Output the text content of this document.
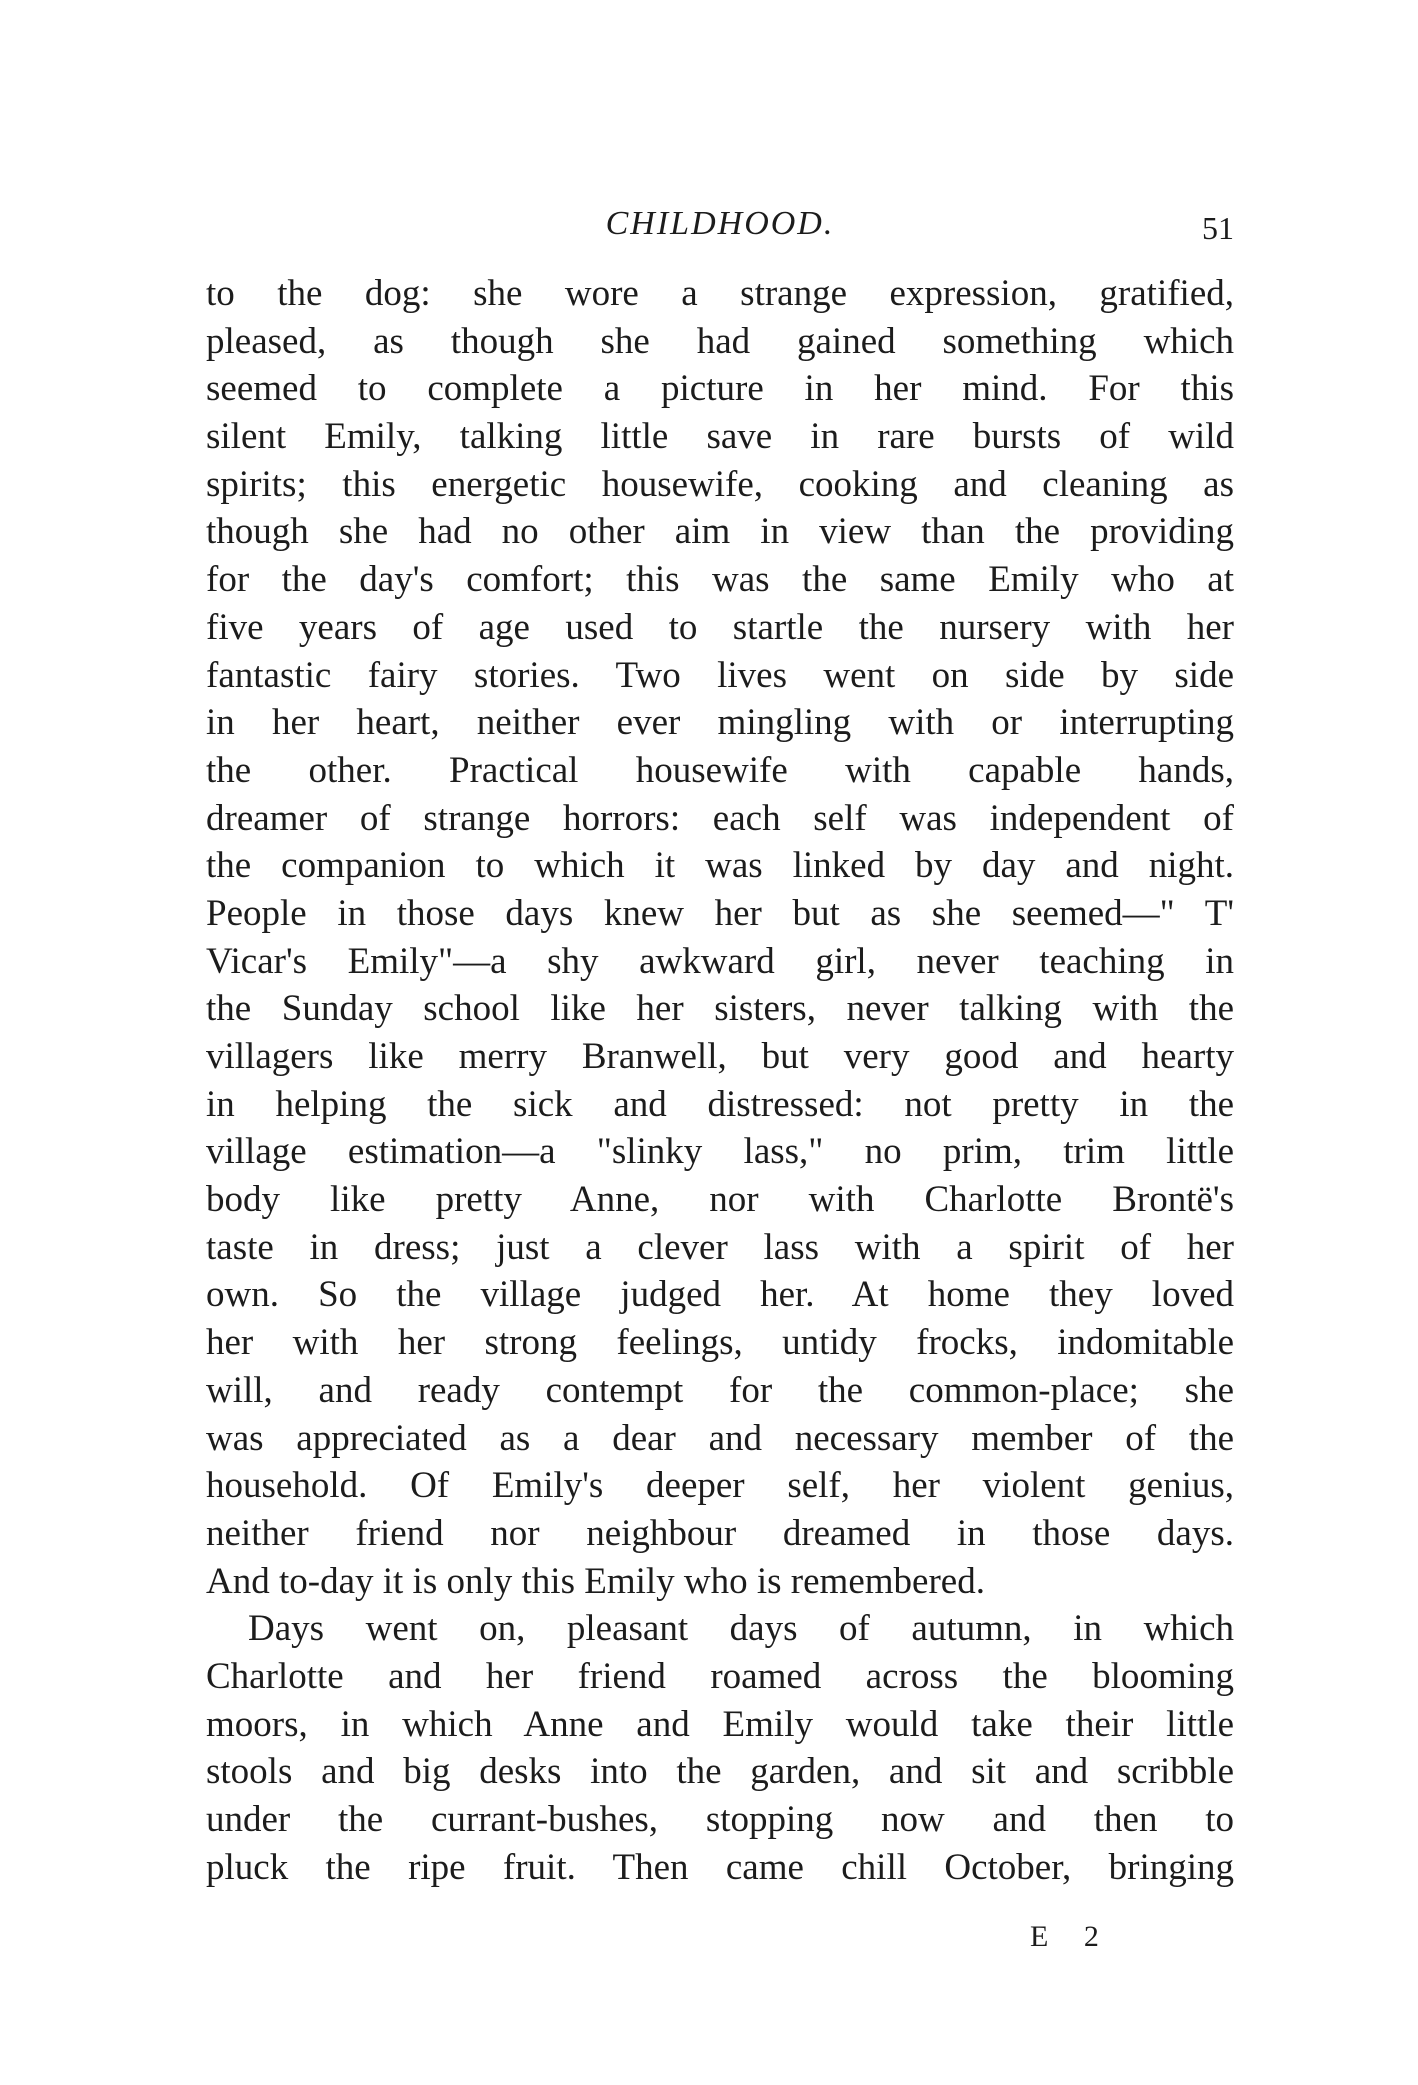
CHILDHOOD.	51
to the dog: she wore a strange expression, gratified,
pleased, as though she had gained something which
seemed to complete a picture in her mind. For this
silent Emily, talking little save in rare bursts of wild
spirits; this energetic housewife, cooking and cleaning as
though she had no other aim in view than the providing
for the day's comfort; this was the same Emily who at
five years of age used to startle the nursery with her
fantastic fairy stories. Two lives went on side by side
in her heart, neither ever mingling with or interrupting
the other. Practical housewife with capable hands,
dreamer of strange horrors: each self was independent of
the companion to which it was linked by day and night.
People in those days knew her but as she seemed—" T'
Vicar's Emily"—a shy awkward girl, never teaching in
the Sunday school like her sisters, never talking with the
villagers like merry Branwell, but very good and hearty
in helping the sick and distressed: not pretty in the
village estimation—a "slinky lass," no prim, trim little
body like pretty Anne, nor with Charlotte Brontë's
taste in dress; just a clever lass with a spirit of her
own. So the village judged her. At home they loved
her with her strong feelings, untidy frocks, indomitable
will, and ready contempt for the common-place; she
was appreciated as a dear and necessary member of the
household. Of Emily's deeper self, her violent genius,
neither friend nor neighbour dreamed in those days.
And to-day it is only this Emily who is remembered.
Days went on, pleasant days of autumn, in which
Charlotte and her friend roamed across the blooming
moors, in which Anne and Emily would take their little
stools and big desks into the garden, and sit and scribble
under the currant-bushes, stopping now and then to
pluck the ripe fruit. Then came chill October, bringing
E 2
